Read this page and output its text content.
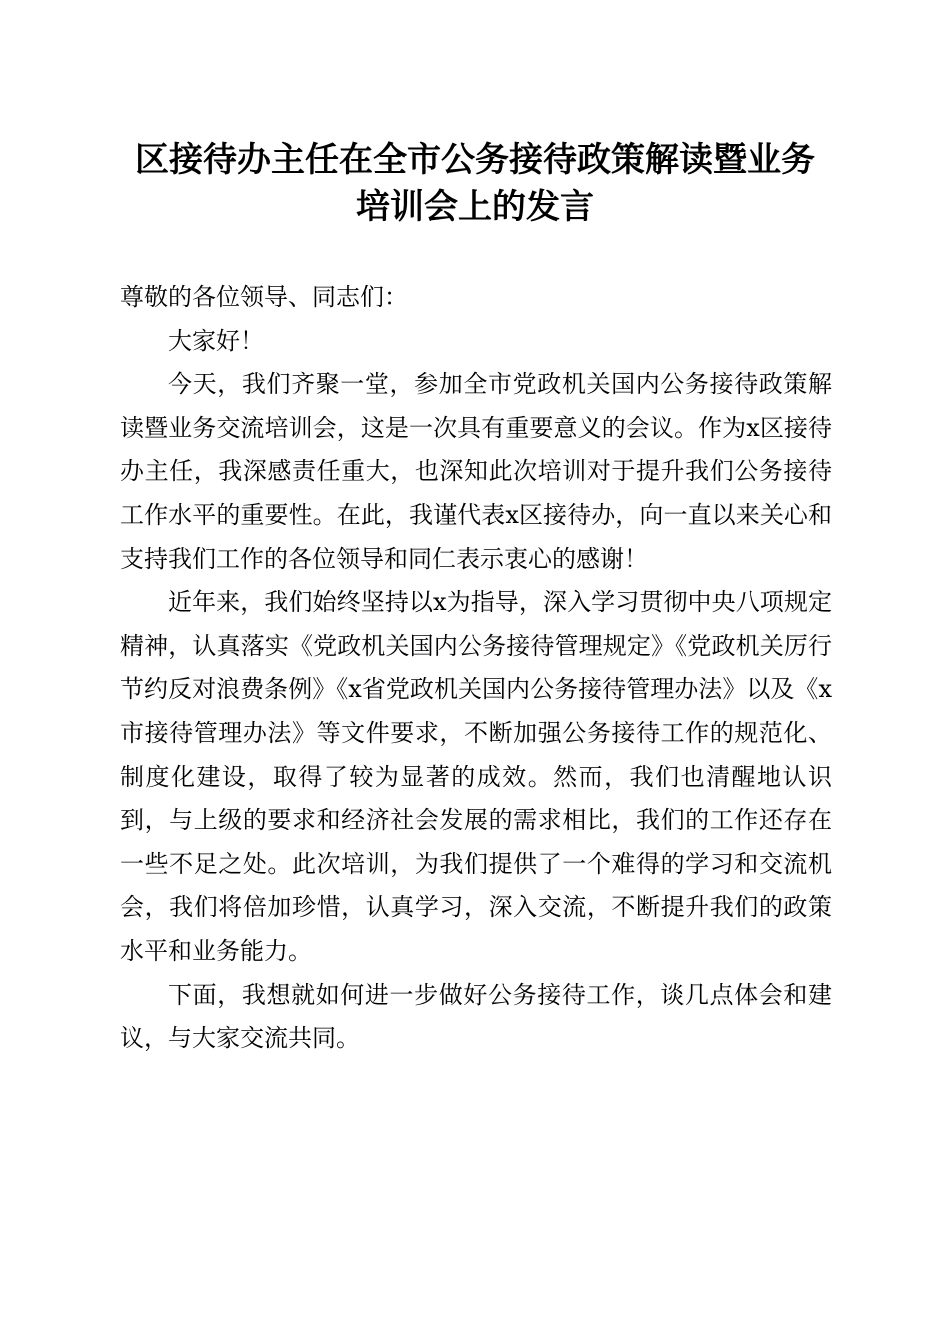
区接待办主任在全市公务接待政策解读暨业务
培训会上的发言

尊敬的各位领导、同志们：

大家好！

今天，我们齐聚一堂，参加全市党政机关国内公务接待政策解读暨业务交流培训会，这是一次具有重要意义的会议。作为x区接待办主任，我深感责任重大，也深知此次培训对于提升我们公务接待工作水平的重要性。在此，我谨代表x区接待办，向一直以来关心和支持我们工作的各位领导和同仁表示衷心的感谢！

近年来，我们始终坚持以x为指导，深入学习贯彻中央八项规定精神，认真落实《党政机关国内公务接待管理规定》《党政机关厉行节约反对浪费条例》《x省党政机关国内公务接待管理办法》以及《x市接待管理办法》等文件要求，不断加强公务接待工作的规范化、制度化建设，取得了较为显著的成效。然而，我们也清醒地认识到，与上级的要求和经济社会发展的需求相比，我们的工作还存在一些不足之处。此次培训，为我们提供了一个难得的学习和交流机会，我们将倍加珍惜，认真学习，深入交流，不断提升我们的政策水平和业务能力。

下面，我想就如何进一步做好公务接待工作，谈几点体会和建议，与大家交流共同。
